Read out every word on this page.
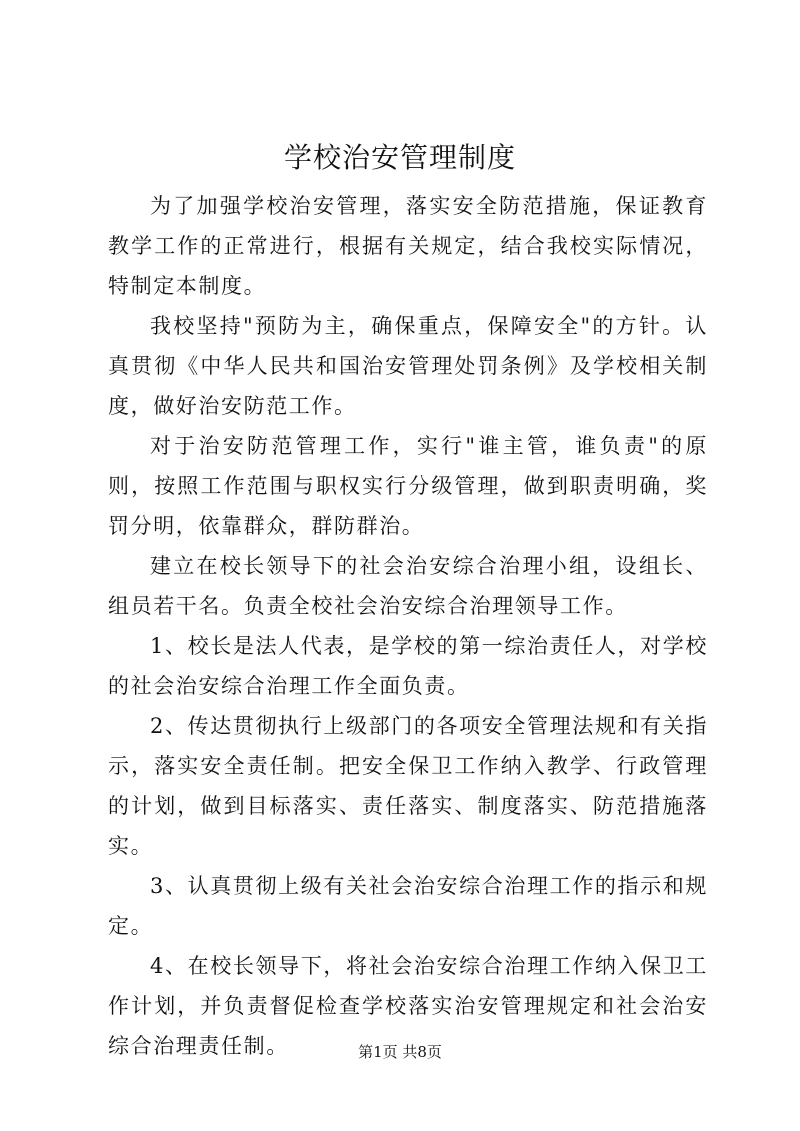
学校治安管理制度

为了加强学校治安管理，落实安全防范措施，保证教育教学工作的正常进行，根据有关规定，结合我校实际情况，特制定本制度。

我校坚持"预防为主，确保重点，保障安全"的方针。认真贯彻《中华人民共和国治安管理处罚条例》及学校相关制度，做好治安防范工作。

对于治安防范管理工作，实行"谁主管，谁负责"的原则，按照工作范围与职权实行分级管理，做到职责明确，奖罚分明，依靠群众，群防群治。

建立在校长领导下的社会治安综合治理小组，设组长、组员若干名。负责全校社会治安综合治理领导工作。

1、校长是法人代表，是学校的第一综治责任人，对学校的社会治安综合治理工作全面负责。

2、传达贯彻执行上级部门的各项安全管理法规和有关指示，落实安全责任制。把安全保卫工作纳入教学、行政管理的计划，做到目标落实、责任落实、制度落实、防范措施落实。

3、认真贯彻上级有关社会治安综合治理工作的指示和规定。

4、在校长领导下，将社会治安综合治理工作纳入保卫工作计划，并负责督促检查学校落实治安管理规定和社会治安综合治理责任制。	第1页 共8页
